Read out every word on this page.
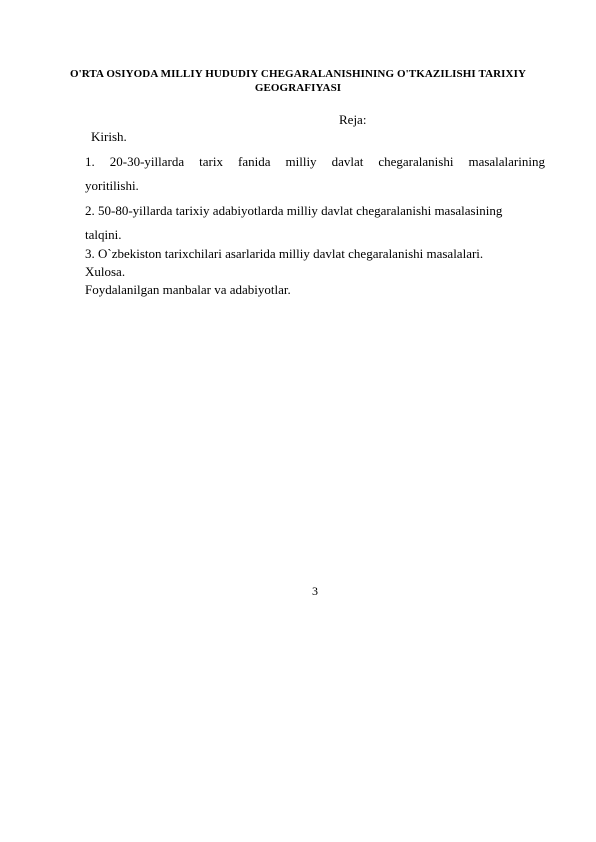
O'RTA OSIYODA MILLIY HUDUDIY CHEGARALANISHINING O'TKAZILISHI TARIXIY
GEOGRAFIYASI
Reja:
Kirish.
1. 20-30-yillarda tarix fanida milliy davlat chegaralanishi masalalarining
yoritilishi.
2. 50-80-yillarda tarixiy adabiyotlarda milliy davlat chegaralanishi masalasining
talqini.
3. O`zbekiston tarixchilari asarlarida milliy davlat chegaralanishi masalalari.
Xulosa.
Foydalanilgan manbalar va adabiyotlar.
3
